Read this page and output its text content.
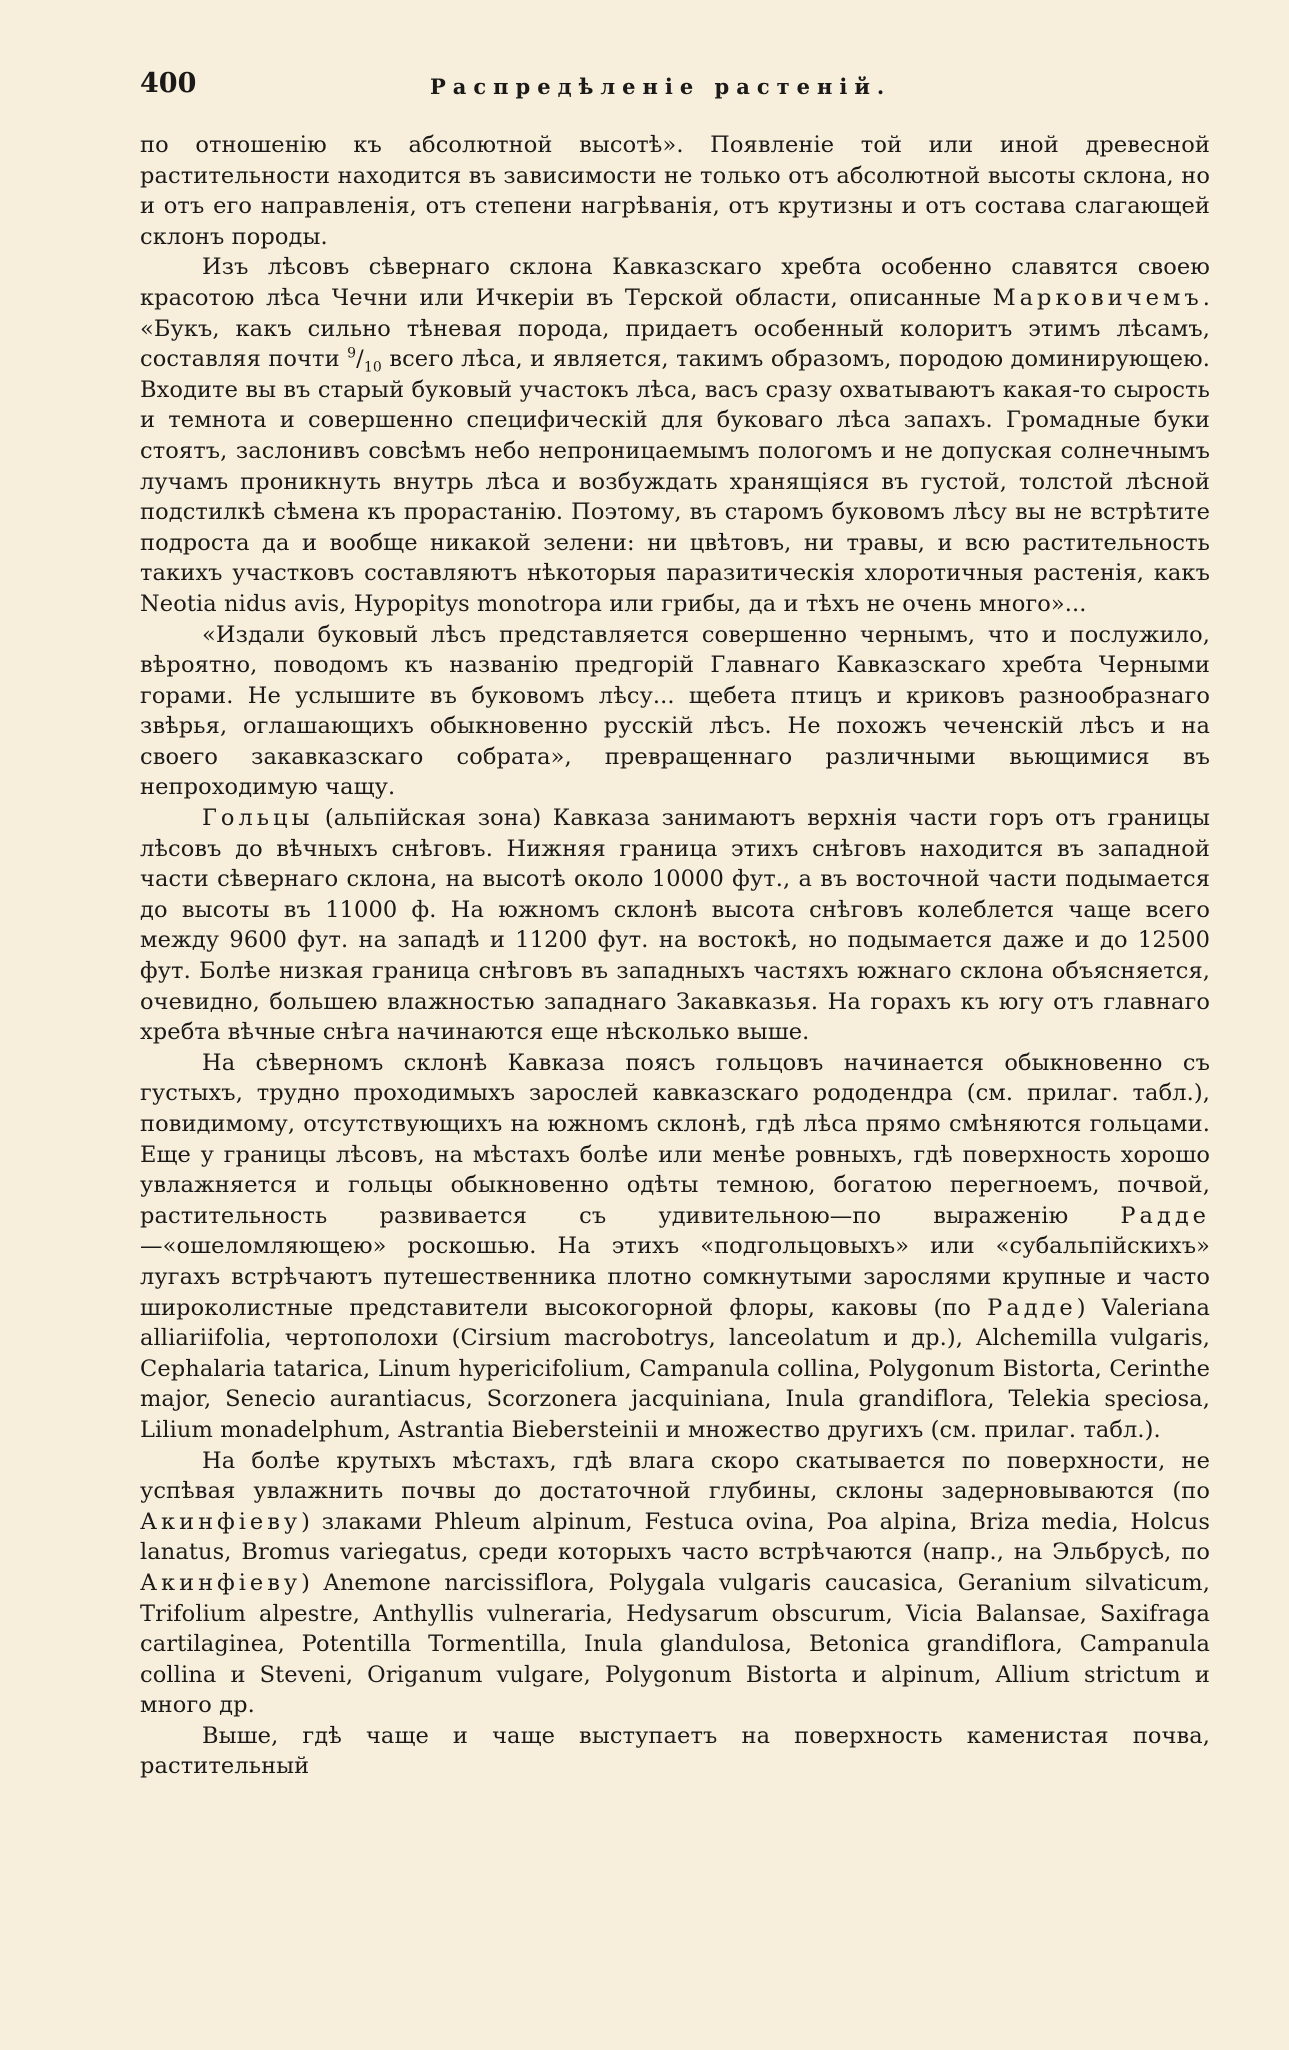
400	Распредѣленіе растеній.

по отношенію къ абсолютной высотѣ». Появленіе той или иной древесной растительности находится въ зависимости не только отъ абсолютной высоты склона, но и отъ его направленія, отъ степени нагрѣванія, отъ крутизны и отъ состава слагающей склонъ породы.

Изъ лѣсовъ сѣвернаго склона Кавказскаго хребта особенно славятся своею красотою лѣса Чечни или Ичкеріи въ Терской области, описанные Марковичемъ. «Букъ, какъ сильно тѣневая порода, придаетъ особенный колоритъ этимъ лѣсамъ, составляя почти $^9/_{10}$ всего лѣса, и является, такимъ образомъ, породою доминирующею. Входите вы въ старый буковый участокъ лѣса, васъ сразу охватываютъ какая-то сырость и темнота и совершенно специфическій для буковаго лѣса запахъ. Громадные буки стоятъ, заслонивъ совсѣмъ небо непроницаемымъ пологомъ и не допуская солнечнымъ лучамъ проникнуть внутрь лѣса и возбуждать хранящіяся въ густой, толстой лѣсной подстилкѣ сѣмена къ прорастанію. Поэтому, въ старомъ буковомъ лѣсу вы не встрѣтите подроста да и вообще никакой зелени: ни цвѣтовъ, ни травы, и всю растительность такихъ участковъ составляютъ нѣкоторыя паразитическія хлоротичныя растенія, какъ Neotia nidus avis, Hypopitys monotropa или грибы, да и тѣхъ не очень много»...

«Издали буковый лѣсъ представляется совершенно чернымъ, что и послужило, вѣроятно, поводомъ къ названію предгорій Главнаго Кавказскаго хребта Черными горами. Не услышите въ буковомъ лѣсу... щебета птицъ и криковъ разнообразнаго звѣрья, оглашающихъ обыкновенно русскій лѣсъ. Не похожъ чеченскій лѣсъ и на своего закавказскаго собрата», превращеннаго различными вьющимися въ непроходимую чащу.

Гольцы (альпійская зона) Кавказа занимаютъ верхнія части горъ отъ границы лѣсовъ до вѣчныхъ снѣговъ. Нижняя граница этихъ снѣговъ находится въ западной части сѣвернаго склона, на высотѣ около 10000 фут., а въ восточной части подымается до высоты въ 11000 ф. На южномъ склонѣ высота снѣговъ колеблется чаще всего между 9600 фут. на западѣ и 11200 фут. на востокѣ, но подымается даже и до 12500 фут. Болѣе низкая граница снѣговъ въ западныхъ частяхъ южнаго склона объясняется, очевидно, большею влажностью западнаго Закавказья. На горахъ къ югу отъ главнаго хребта вѣчные снѣга начинаются еще нѣсколько выше.

На сѣверномъ склонѣ Кавказа поясъ гольцовъ начинается обыкновенно съ густыхъ, трудно проходимыхъ зарослей кавказскаго рододендра (см. прилаг. табл.), повидимому, отсутствующихъ на южномъ склонѣ, гдѣ лѣса прямо смѣняются гольцами. Еще у границы лѣсовъ, на мѣстахъ болѣе или менѣе ровныхъ, гдѣ поверхность хорошо увлажняется и гольцы обыкновенно одѣты темною, богатою перегноемъ, почвой, растительность развивается съ удивительною—по выраженію Радде—«ошеломляющею» роскошью. На этихъ «подгольцовыхъ» или «субальпійскихъ» лугахъ встрѣчаютъ путешественника плотно сомкнутыми зарослями крупные и часто широколистные представители высокогорной флоры, каковы (по Радде) Valeriana alliariifolia, чертополохи (Cirsium macrobotrys, lanceolatum и др.), Alchemilla vulgaris, Cephalaria tatarica, Linum hypericifolium, Campanula collina, Polygonum Bistorta, Cerinthe major, Senecio aurantiacus, Scorzonera jacquiniana, Inula grandiflora, Telekia speciosa, Lilium monadelphum, Astrantia Biebersteinii и множество другихъ (см. прилаг. табл.).

На болѣе крутыхъ мѣстахъ, гдѣ влага скоро скатывается по поверхности, не успѣвая увлажнить почвы до достаточной глубины, склоны задерновываются (по Акинфіеву) злаками Phleum alpinum, Festuca ovina, Poa alpina, Briza media, Holcus lanatus, Bromus variegatus, среди которыхъ часто встрѣчаются (напр., на Эльбрусѣ, по Акинфіеву) Anemone narcissiflora, Polygala vulgaris caucasica, Geranium silvaticum, Trifolium alpestre, Anthyllis vulneraria, Hedysarum obscurum, Vicia Balansae, Saxifraga cartilaginea, Potentilla Tormentilla, Inula glandulosa, Betonica grandiflora, Campanula collina и Steveni, Origanum vulgare, Polygonum Bistorta и alpinum, Allium strictum и много др.

Выше, гдѣ чаще и чаще выступаетъ на поверхность каменистая почва, растительный
